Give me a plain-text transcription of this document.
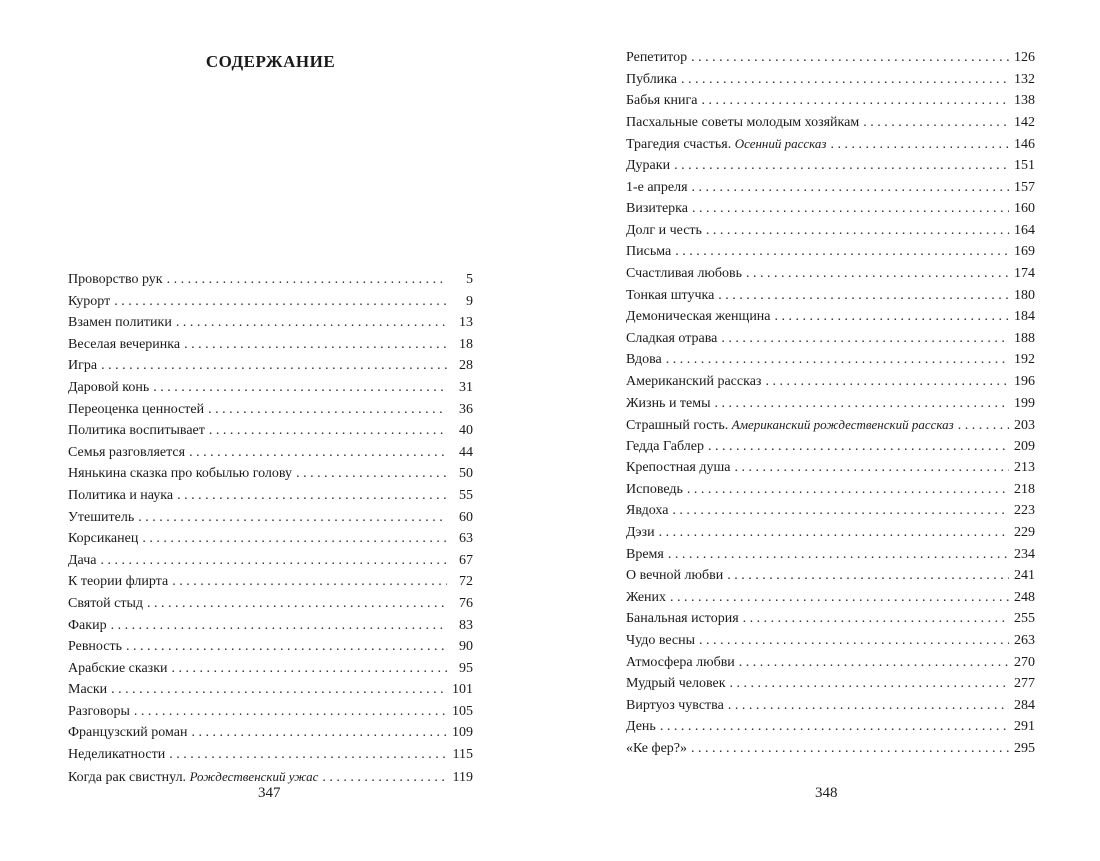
СОДЕРЖАНИЕ
Проворство рук . . .	5
Курорт . . .	9
Взамен политики . . .	13
Веселая вечеринка . . .	18
Игра . . .	28
Даровой конь . . .	31
Переоценка ценностей . . .	36
Политика воспитывает . . .	40
Семья разговляется . . .	44
Нянькина сказка про кобылью голову . . .	50
Политика и наука . . .	55
Утешитель . . .	60
Корсиканец . . .	63
Дача . . .	67
К теории флирта . . .	72
Святой стыд . . .	76
Факир . . .	83
Ревность . . .	90
Арабские сказки . . .	95
Маски . . .	101
Разговоры . . .	105
Французский роман . . .	109
Неделикатности . . .	115
Когда рак свистнул. Рождественский ужас . . .	119

347

Репетитор . . .	126
Публика . . .	132
Бабья книга . . .	138
Пасхальные советы молодым хозяйкам . . .	142
Трагедия счастья. Осенний рассказ . . .	146
Дураки . . .	151
1-е апреля . . .	157
Визитерка . . .	160
Долг и честь . . .	164
Письма . . .	169
Счастливая любовь . . .	174
Тонкая штучка . . .	180
Демоническая женщина . . .	184
Сладкая отрава . . .	188
Вдова . . .	192
Американский рассказ . . .	196
Жизнь и темы . . .	199
Страшный гость. Американский рождественский рассказ . . .	203
Гедда Габлер . . .	209
Крепостная душа . . .	213
Исповедь . . .	218
Явдоха . . .	223
Дэзи . . .	229
Время . . .	234
О вечной любви . . .	241
Жених . . .	248
Банальная история . . .	255
Чудо весны . . .	263
Атмосфера любви . . .	270
Мудрый человек . . .	277
Виртуоз чувства . . .	284
День . . .	291
«Ке фер?» . . .	295

348
